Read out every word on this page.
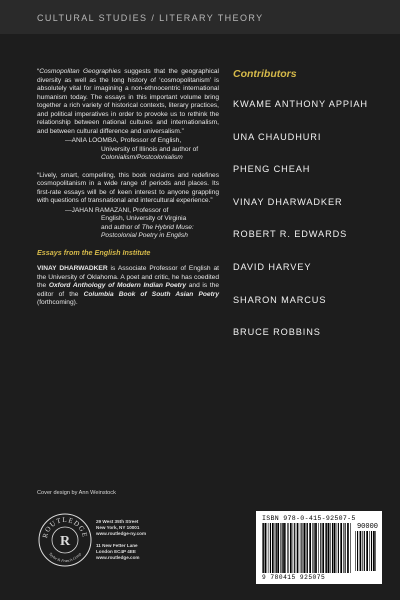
CULTURAL STUDIES / LITERARY THEORY
“Cosmopolitan Geographies suggests that the geographical diversity as well as the long history of ‘cosmopolitanism’ is absolutely vital for imagining a non-ethnocentric international humanism today. The essays in this important volume bring together a rich variety of historical contexts, literary practices, and political imperatives in order to provoke us to rethink the relationship between national cultures and internationalism, and between cultural difference and universalism.”
—ANIA LOOMBA, Professor of English,
University of Illinois and author of
Colonialism/Postcolonialism
“Lively, smart, compelling, this book reclaims and redefines cosmopolitanism in a wide range of periods and places. Its first-rate essays will be of keen interest to anyone grappling with questions of transnational and intercultural experience.”
—JAHAN RAMAZANI, Professor of
English, University of Virginia
and author of The Hybrid Muse:
Postcolonial Poetry in English
Essays from the English Institute
VINAY DHARWADKER is Associate Professor of English at the University of Oklahoma. A poet and critic, he has coedited the Oxford Anthology of Modern Indian Poetry and is the editor of the Columbia Book of South Asian Poetry (forthcoming).
Contributors
KWAME ANTHONY APPIAH
UNA CHAUDHURI
PHENG CHEAH
VINAY DHARWADKER
ROBERT R. EDWARDS
DAVID HARVEY
SHARON MARCUS
BRUCE ROBBINS
Cover design by Ann Weinstock
ROUTLEDGE
Taylor & Francis Group
R
29 West 35th Street
New York, NY 10001
www.routledge-ny.com
11 New Fetter Lane
London EC4P 4EE
www.routledge.com
ISBN 978-0-415-92507-5
90000
9 780415 925075
